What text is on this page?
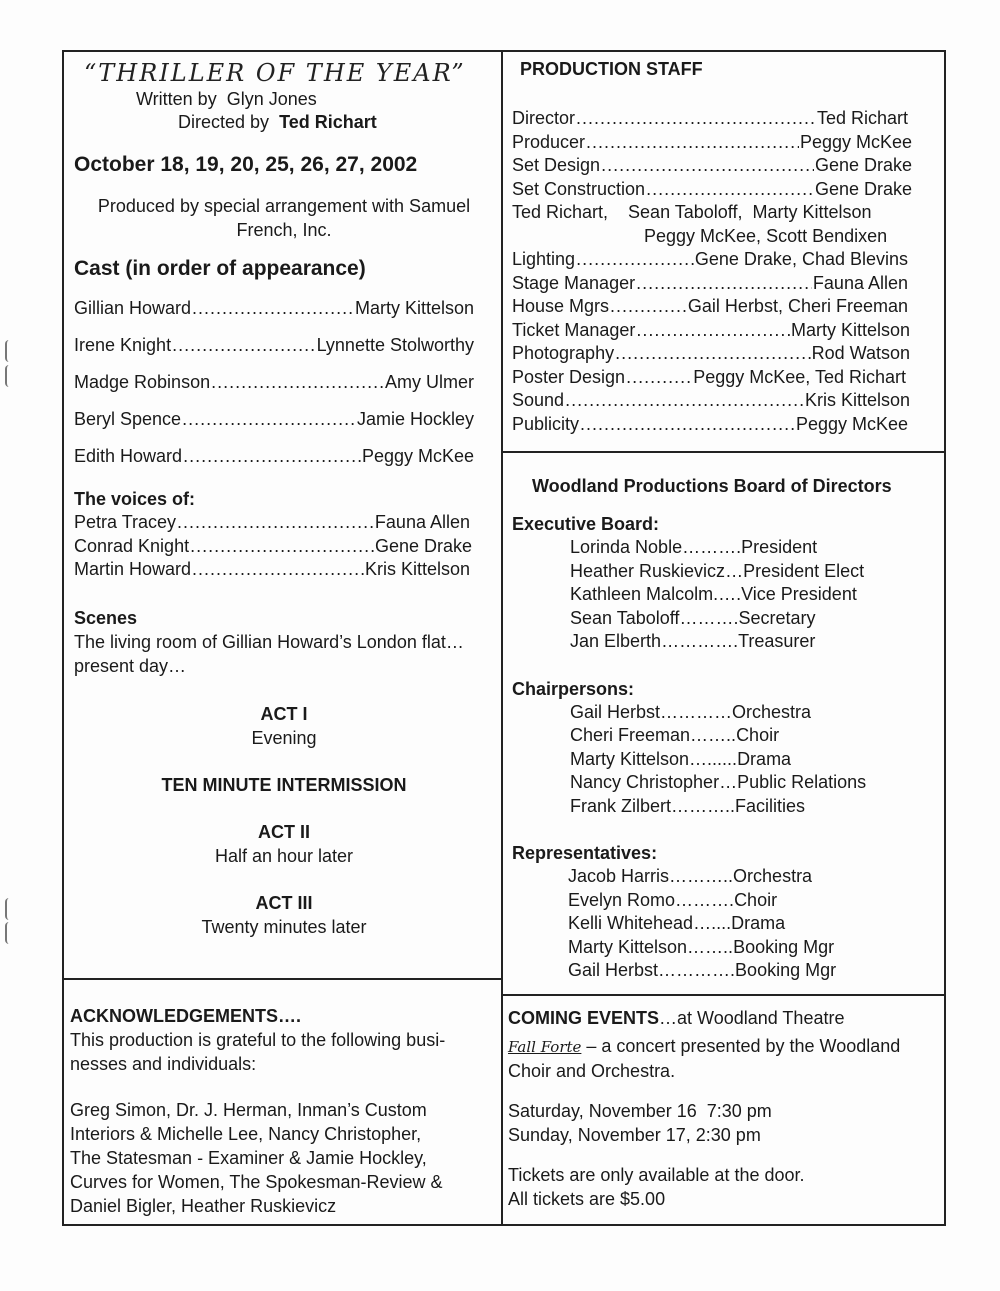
“THRILLER OF THE YEAR”
Written by Glyn Jones
Directed by Ted Richart
October 18, 19, 20, 25, 26, 27, 2002
Produced by special arrangement with Samuel
French, Inc.
Cast (in order of appearance)
Gillian Howard .....	Marty Kittelson
Irene Knight .....	Lynnette Stolworthy
Madge Robinson .....	Amy Ulmer
Beryl Spence .....	Jamie Hockley
Edith Howard .....	Peggy McKee
The voices of:
Petra Tracey .....	Fauna Allen
Conrad Knight .....	Gene Drake
Martin Howard .....	Kris Kittelson
Scenes
The living room of Gillian Howard’s London flat…
present day…
ACT I
Evening
TEN MINUTE INTERMISSION
ACT II
Half an hour later
ACT III
Twenty minutes later
ACKNOWLEDGEMENTS….
This production is grateful to the following busi-
nesses and individuals:
Greg Simon, Dr. J. Herman, Inman’s Custom
Interiors & Michelle Lee, Nancy Christopher,
The Statesman - Examiner & Jamie Hockley,
Curves for Women, The Spokesman-Review &
Daniel Bigler, Heather Ruskievicz
PRODUCTION STAFF
Director .....	Ted Richart
Producer .....	Peggy McKee
Set Design .....	Gene Drake
Set Construction .....	Gene Drake
Ted Richart,    Sean Taboloff,  Marty Kittelson
Peggy McKee, Scott Bendixen
Lighting .....	Gene Drake, Chad Blevins
Stage Manager .....	Fauna Allen
House Mgrs .....	Gail Herbst, Cheri Freeman
Ticket Manager .....	Marty Kittelson
Photography .....	Rod Watson
Poster Design .....	Peggy McKee, Ted Richart
Sound .....	Kris Kittelson
Publicity .....	Peggy McKee
Woodland Productions Board of Directors
Executive Board:
Lorinda Noble……….President
Heather Ruskievicz…President Elect
Kathleen Malcolm.….Vice President
Sean Taboloff……….Secretary
Jan Elberth………….Treasurer
Chairpersons:
Gail Herbst…………Orchestra
Cheri Freeman……..Choir
Marty Kittelson…......Drama
Nancy Christopher…Public Relations
Frank Zilbert………..Facilities
Representatives:
Jacob Harris………..Orchestra
Evelyn Romo……….Choir
Kelli Whitehead…....Drama
Marty Kittelson……..Booking Mgr
Gail Herbst………….Booking Mgr
COMING EVENTS…at Woodland Theatre
Fall Forte – a concert presented by the Woodland
Choir and Orchestra.
Saturday, November 16  7:30 pm
Sunday, November 17, 2:30 pm
Tickets are only available at the door.
All tickets are $5.00
